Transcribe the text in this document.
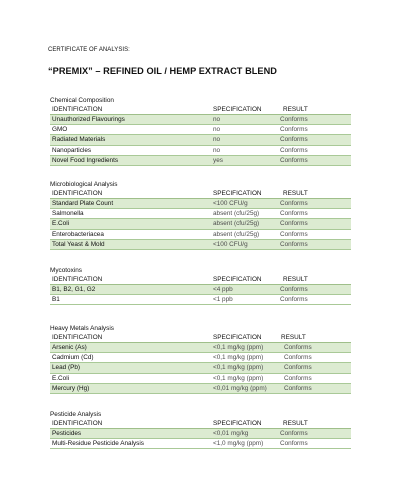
CERTIFICATE OF ANALYSIS:
“PREMIX” – REFINED OIL / HEMP EXTRACT BLEND
Chemical Composition
IDENTIFICATION	SPECIFICATION	RESULT
Unauthorized Flavourings	no	Conforms
GMO	no	Conforms
Radiated Materials	no	Conforms
Nanoparticles	no	Conforms
Novel Food Ingredients	yes	Conforms
Microbiological Analysis
IDENTIFICATION	SPECIFICATION	RESULT
Standard Plate Count	<100 CFU/g	Conforms
Salmonella	absent (cfu/25g)	Conforms
E.Coli	absent (cfu/25g)	Conforms
Enterobacteriacea	absent (cfu/25g)	Conforms
Total Yeast & Mold	<100 CFU/g	Conforms
Mycotoxins
IDENTIFICATION	SPECIFICATION	RESULT
B1, B2, G1, G2	<4 ppb	Conforms
B1	<1 ppb	Conforms
Heavy Metals Analysis
IDENTIFICATION	SPECIFICATION	RESULT
Arsenic (As)	<0,1 mg/kg (ppm)	Conforms
Cadmium (Cd)	<0,1 mg/kg (ppm)	Conforms
Lead (Pb)	<0,1 mg/kg (ppm)	Conforms
E.Coli	<0,1 mg/kg (ppm)	Conforms
Mercury (Hg)	<0,01 mg/kg (ppm)	Conforms
Pesticide Analysis
IDENTIFICATION	SPECIFICATION	RESULT
Pesticides	<0,01 mg/kg	Conforms
Multi-Residue Pesticide Analysis	<1,0 mg/kg (ppm)	Conforms
